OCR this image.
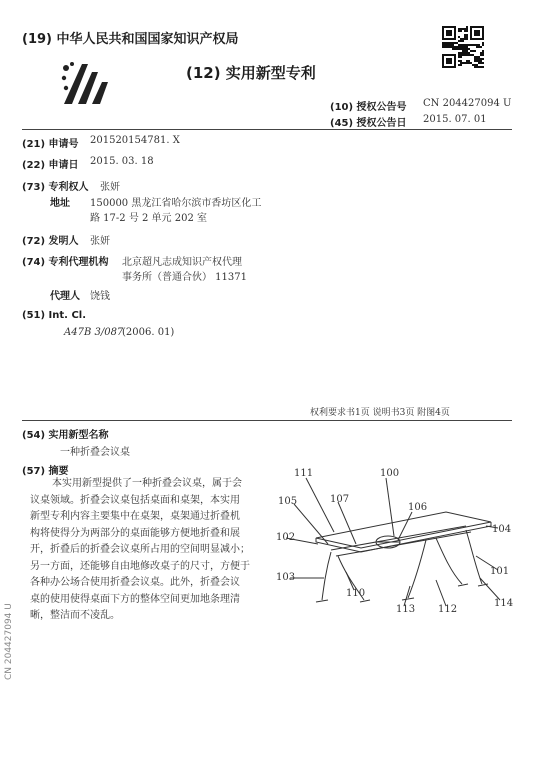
(19) 中华人民共和国国家知识产权局
(12) 实用新型专利
(10) 授权公告号 CN 204427094 U
(45) 授权公告日 2015. 07. 01
(21) 申请号 201520154781. X
(22) 申请日 2015. 03. 18
(73) 专利权人 张妍
地址 150000 黑龙江省哈尔滨市香坊区化工
路 17-2 号 2 单元 202 室
(72) 发明人 张妍
(74) 专利代理机构 北京超凡志成知识产权代理
事务所（普通合伙） 11371
代理人 饶钱
(51) Int. Cl.
A47B 3/087
(2006. 01)
权利要求书1页 说明书3页 附图4页
(54) 实用新型名称
一种折叠会议桌
(57) 摘要

本实用新型提供了一种折叠会议桌，属于会

议桌领域。折叠会议桌包括桌面和桌架，本实用

新型专利内容主要集中在桌架，桌架通过折叠机

构将使得分为两部分的桌面能够方便地折叠和展

开，折叠后的折叠会议桌所占用的空间明显减小；

另一方面，还能够自由地修改桌子的尺寸，方便于

各种办公场合使用折叠会议桌。此外，折叠会议

桌的使用使得桌面下方的整体空间更加地条理清

晰，整洁而不凌乱。

111	100
105	107
106
104
102
101
103
110
113 112
114
CN 204427094 U
